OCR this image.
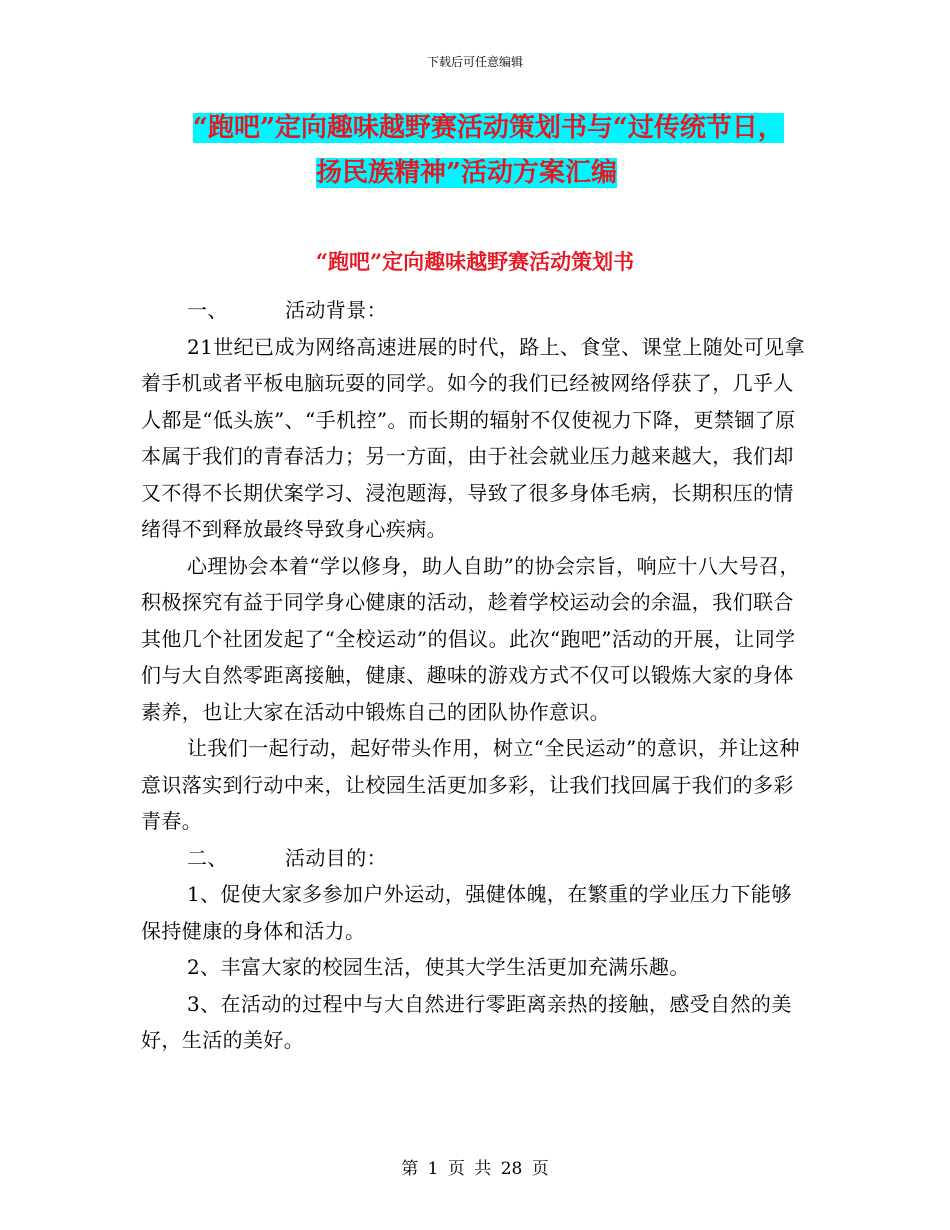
下载后可任意编辑
“跑吧”定向趣味越野赛活动策划书与“过传统节日，
扬民族精神”活动方案汇编
“跑吧”定向趣味越野赛活动策划书

一、	活动背景：

21世纪已成为网络高速进展的时代，路上、食堂、课堂上随处可见拿着手机或者平板电脑玩耍的同学。如今的我们已经被网络俘获了，几乎人人都是“低头族”、“手机控”。而长期的辐射不仅使视力下降，更禁锢了原本属于我们的青春活力；另一方面，由于社会就业压力越来越大，我们却又不得不长期伏案学习、浸泡题海，导致了很多身体毛病，长期积压的情绪得不到释放最终导致身心疾病。

心理协会本着“学以修身，助人自助”的协会宗旨，响应十八大号召，积极探究有益于同学身心健康的活动，趁着学校运动会的余温，我们联合其他几个社团发起了“全校运动”的倡议。此次“跑吧”活动的开展，让同学们与大自然零距离接触，健康、趣味的游戏方式不仅可以锻炼大家的身体素养，也让大家在活动中锻炼自己的团队协作意识。

让我们一起行动，起好带头作用，树立“全民运动”的意识，并让这种意识落实到行动中来，让校园生活更加多彩，让我们找回属于我们的多彩青春。

二、	活动目的：

1、促使大家多参加户外运动，强健体魄，在繁重的学业压力下能够保持健康的身体和活力。

2、丰富大家的校园生活，使其大学生活更加充满乐趣。

3、在活动的过程中与大自然进行零距离亲热的接触，感受自然的美好，生活的美好。

第 1 页 共 28 页
